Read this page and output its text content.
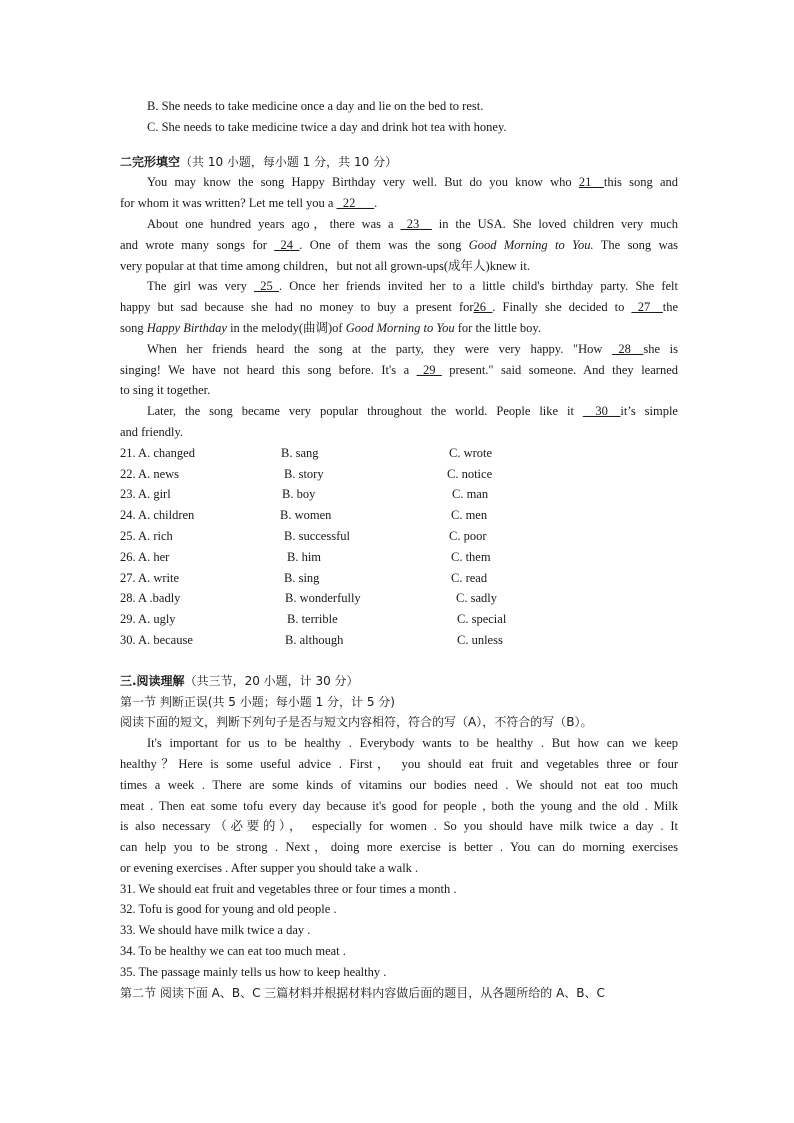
B. She needs to take medicine once a day and lie on the bed to rest.
C. She needs to take medicine twice a day and drink hot tea with honey.
二完形填空（共 10 小题，每小题 1 分，共 10 分）
You may know the song Happy Birthday very well. But do you know who 21__this song and
for whom it was written? Let me tell you a _22___.
About one hundred years ago，there was a _23__ in the USA. She loved children very much
and wrote many songs for _24_. One of them was the song Good Morning to You. The song was
very popular at that time among children，but not all grown-ups(成年人)knew it.
The girl was very _25_. Once her friends invited her to a little child's birthday party. She felt
happy but sad because she had no money to buy a present for26_. Finally she decided to _27__the
song Happy Birthday in the melody(曲调)of Good Morning to You for the little boy.
When her friends heard the song at the party, they were very happy. "How _28__she is
singing! We have not heard this song before. It's a _29_ present." said someone. And they learned
to sing it together.
Later, the song became very popular throughout the world. People like it __30__it’s simple
and friendly.
21. A. changed	B. sang	C. wrote
22. A. news	B. story	C. notice
23. A. girl	B. boy	C. man
24. A. children	B. women	C. men
25. A. rich	B. successful	C. poor
26. A. her	B. him	C. them
27. A. write	B. sing	C. read
28. A .badly	B. wonderfully	C. sadly
29. A. ugly	B. terrible	C. special
30. A. because	B. although	C. unless
三.阅读理解（共三节，20 小题，计 30 分）
第一节 判断正误(共 5 小题；每小题 1 分，计 5 分)
阅读下面的短文，判断下列句子是否与短文内容相符，符合的写（A），不符合的写（B）。
It's important for us to be healthy . Everybody wants to be healthy . But how can we keep
healthy？Here is some useful advice . First， you should eat fruit and vegetables three or four
times a week . There are some kinds of vitamins our bodies need . We should not eat too much
meat . Then eat some tofu every day because it's good for people , both the young and the old . Milk
is also necessary（必要的）， especially for women . So you should have milk twice a day . It
can help you to be strong . Next，doing more exercise is better . You can do morning exercises
or evening exercises . After supper you should take a walk .
31. We should eat fruit and vegetables three or four times a month .
32. Tofu is good for young and old people .
33. We should have milk twice a day .
34. To be healthy we can eat too much meat .
35. The passage mainly tells us how to keep healthy .
第二节 阅读下面 A、B、C 三篇材料并根据材料内容做后面的题目，从各题所给的 A、B、C
